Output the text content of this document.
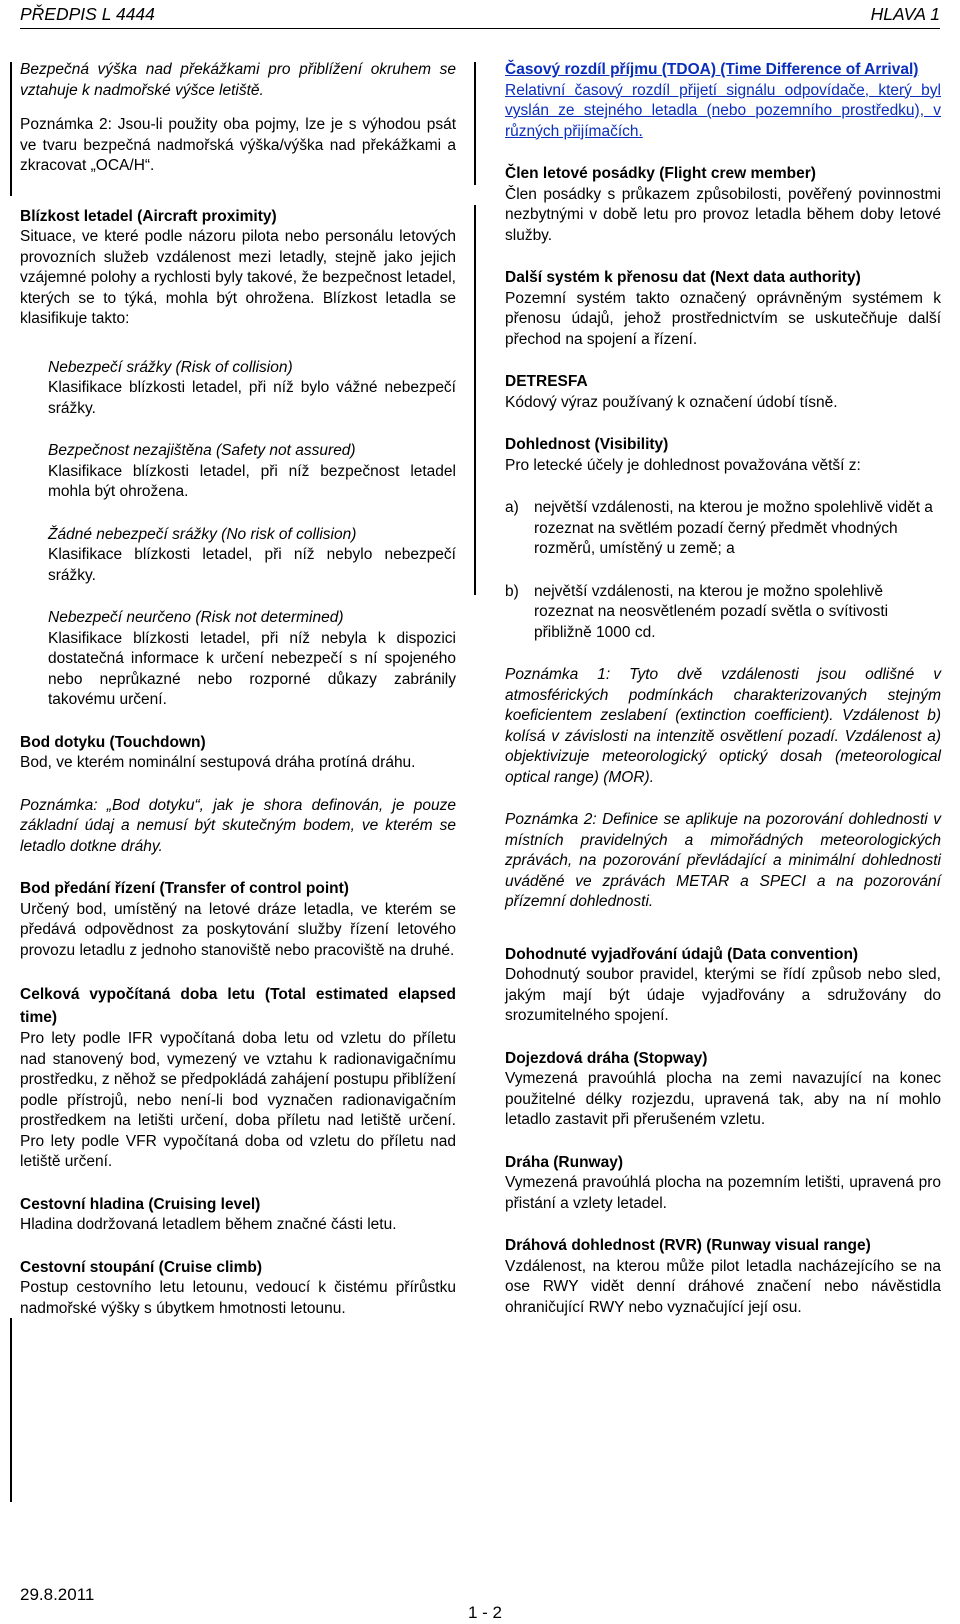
PŘEDPIS L 4444	HLAVA 1

Bezpečná výška nad překážkami pro přiblížení okruhem se vztahuje k nadmořské výšce letiště.

Poznámka 2: Jsou-li použity oba pojmy, lze je s výhodou psát ve tvaru bezpečná nadmořská výška/výška nad překážkami a zkracovat „OCA/H“.

Blízkost letadel (Aircraft proximity)
Situace, ve které podle názoru pilota nebo personálu letových provozních služeb vzdálenost mezi letadly, stejně jako jejich vzájemné polohy a rychlosti byly takové, že bezpečnost letadel, kterých se to týká, mohla být ohrožena. Blízkost letadla se klasifikuje takto:
Nebezpečí srážky (Risk of collision)
Klasifikace blízkosti letadel, při níž bylo vážné nebezpečí srážky.
Bezpečnost nezajištěna (Safety not assured)
Klasifikace blízkosti letadel, při níž bezpečnost letadel mohla být ohrožena.
Žádné nebezpečí srážky (No risk of collision)
Klasifikace blízkosti letadel, při níž nebylo nebezpečí srážky.
Nebezpečí neurčeno (Risk not determined)
Klasifikace blízkosti letadel, při níž nebyla k dispozici dostatečná informace k určení nebezpečí s ní spojeného nebo neprůkazné nebo rozporné důkazy zabránily takovému určení.
Bod dotyku (Touchdown)
Bod, ve kterém nominální sestupová dráha protíná dráhu.
Poznámka: „Bod dotyku“, jak je shora definován, je pouze základní údaj a nemusí být skutečným bodem, ve kterém se letadlo dotkne dráhy.
Bod předání řízení (Transfer of control point)
Určený bod, umístěný na letové dráze letadla, ve kterém se předává odpovědnost za poskytování služby řízení letového provozu letadlu z jednoho stanoviště nebo pracoviště na druhé.
Celková vypočítaná doba letu (Total estimated elapsed time)
Pro lety podle IFR vypočítaná doba letu od vzletu do příletu nad stanovený bod, vymezený ve vztahu k radionavigačnímu prostředku, z něhož se předpokládá zahájení postupu přiblížení podle přístrojů, nebo není-li bod vyznačen radionavigačním prostředkem na letišti určení, doba příletu nad letiště určení. Pro lety podle VFR vypočítaná doba od vzletu do příletu nad letiště určení.
Cestovní hladina (Cruising level)
Hladina dodržovaná letadlem během značné části letu.
Cestovní stoupání (Cruise climb)
Postup cestovního letu letounu, vedoucí k čistému přírůstku nadmořské výšky s úbytkem hmotnosti letounu.
Časový rozdíl příjmu (TDOA) (Time Difference of Arrival)
Relativní časový rozdíl přijetí signálu odpovídače, který byl vyslán ze stejného letadla (nebo pozemního prostředku), v různých přijímačích.
Člen letové posádky (Flight crew member)
Člen posádky s průkazem způsobilosti, pověřený povinnostmi nezbytnými v době letu pro provoz letadla během doby letové služby.
Další systém k přenosu dat (Next data authority)
Pozemní systém takto označený oprávněným systémem k přenosu údajů, jehož prostřednictvím se uskutečňuje další přechod na spojení a řízení.
DETRESFA
Kódový výraz používaný k označení údobí tísně.
Dohlednost (Visibility)
Pro letecké účely je dohlednost považována větší z:
a) největší vzdálenosti, na kterou je možno spolehlivě vidět a rozeznat na světlém pozadí černý předmět vhodných rozměrů, umístěný u země; a
b) největší vzdálenosti, na kterou je možno spolehlivě rozeznat na neosvětleném pozadí světla o svítivosti přibližně 1000 cd.
Poznámka 1: Tyto dvě vzdálenosti jsou odlišné v atmosférických podmínkách charakterizovaných stejným koeficientem zeslabení (extinction coefficient). Vzdálenost b) kolísá v závislosti na intenzitě osvětlení pozadí. Vzdálenost a) objektivizuje meteorologický optický dosah (meteorological optical range) (MOR).
Poznámka 2: Definice se aplikuje na pozorování dohlednosti v místních pravidelných a mimořádných meteorologických zprávách, na pozorování převládající a minimální dohlednosti uváděné ve zprávách METAR a SPECI a na pozorování přízemní dohlednosti.
Dohodnuté vyjadřování údajů (Data convention)
Dohodnutý soubor pravidel, kterými se řídí způsob nebo sled, jakým mají být údaje vyjadřovány a sdružovány do srozumitelného spojení.
Dojezdová dráha (Stopway)
Vymezená pravoúhlá plocha na zemi navazující na konec použitelné délky rozjezdu, upravená tak, aby na ní mohlo letadlo zastavit při přerušeném vzletu.
Dráha (Runway)
Vymezená pravoúhlá plocha na pozemním letišti, upravená pro přistání a vzlety letadel.
Dráhová dohlednost (RVR) (Runway visual range)
Vzdálenost, na kterou může pilot letadla nacházejícího se na ose RWY vidět denní dráhové značení nebo návěstidla ohraničující RWY nebo vyznačující její osu.
29.8.2011
1 - 2
